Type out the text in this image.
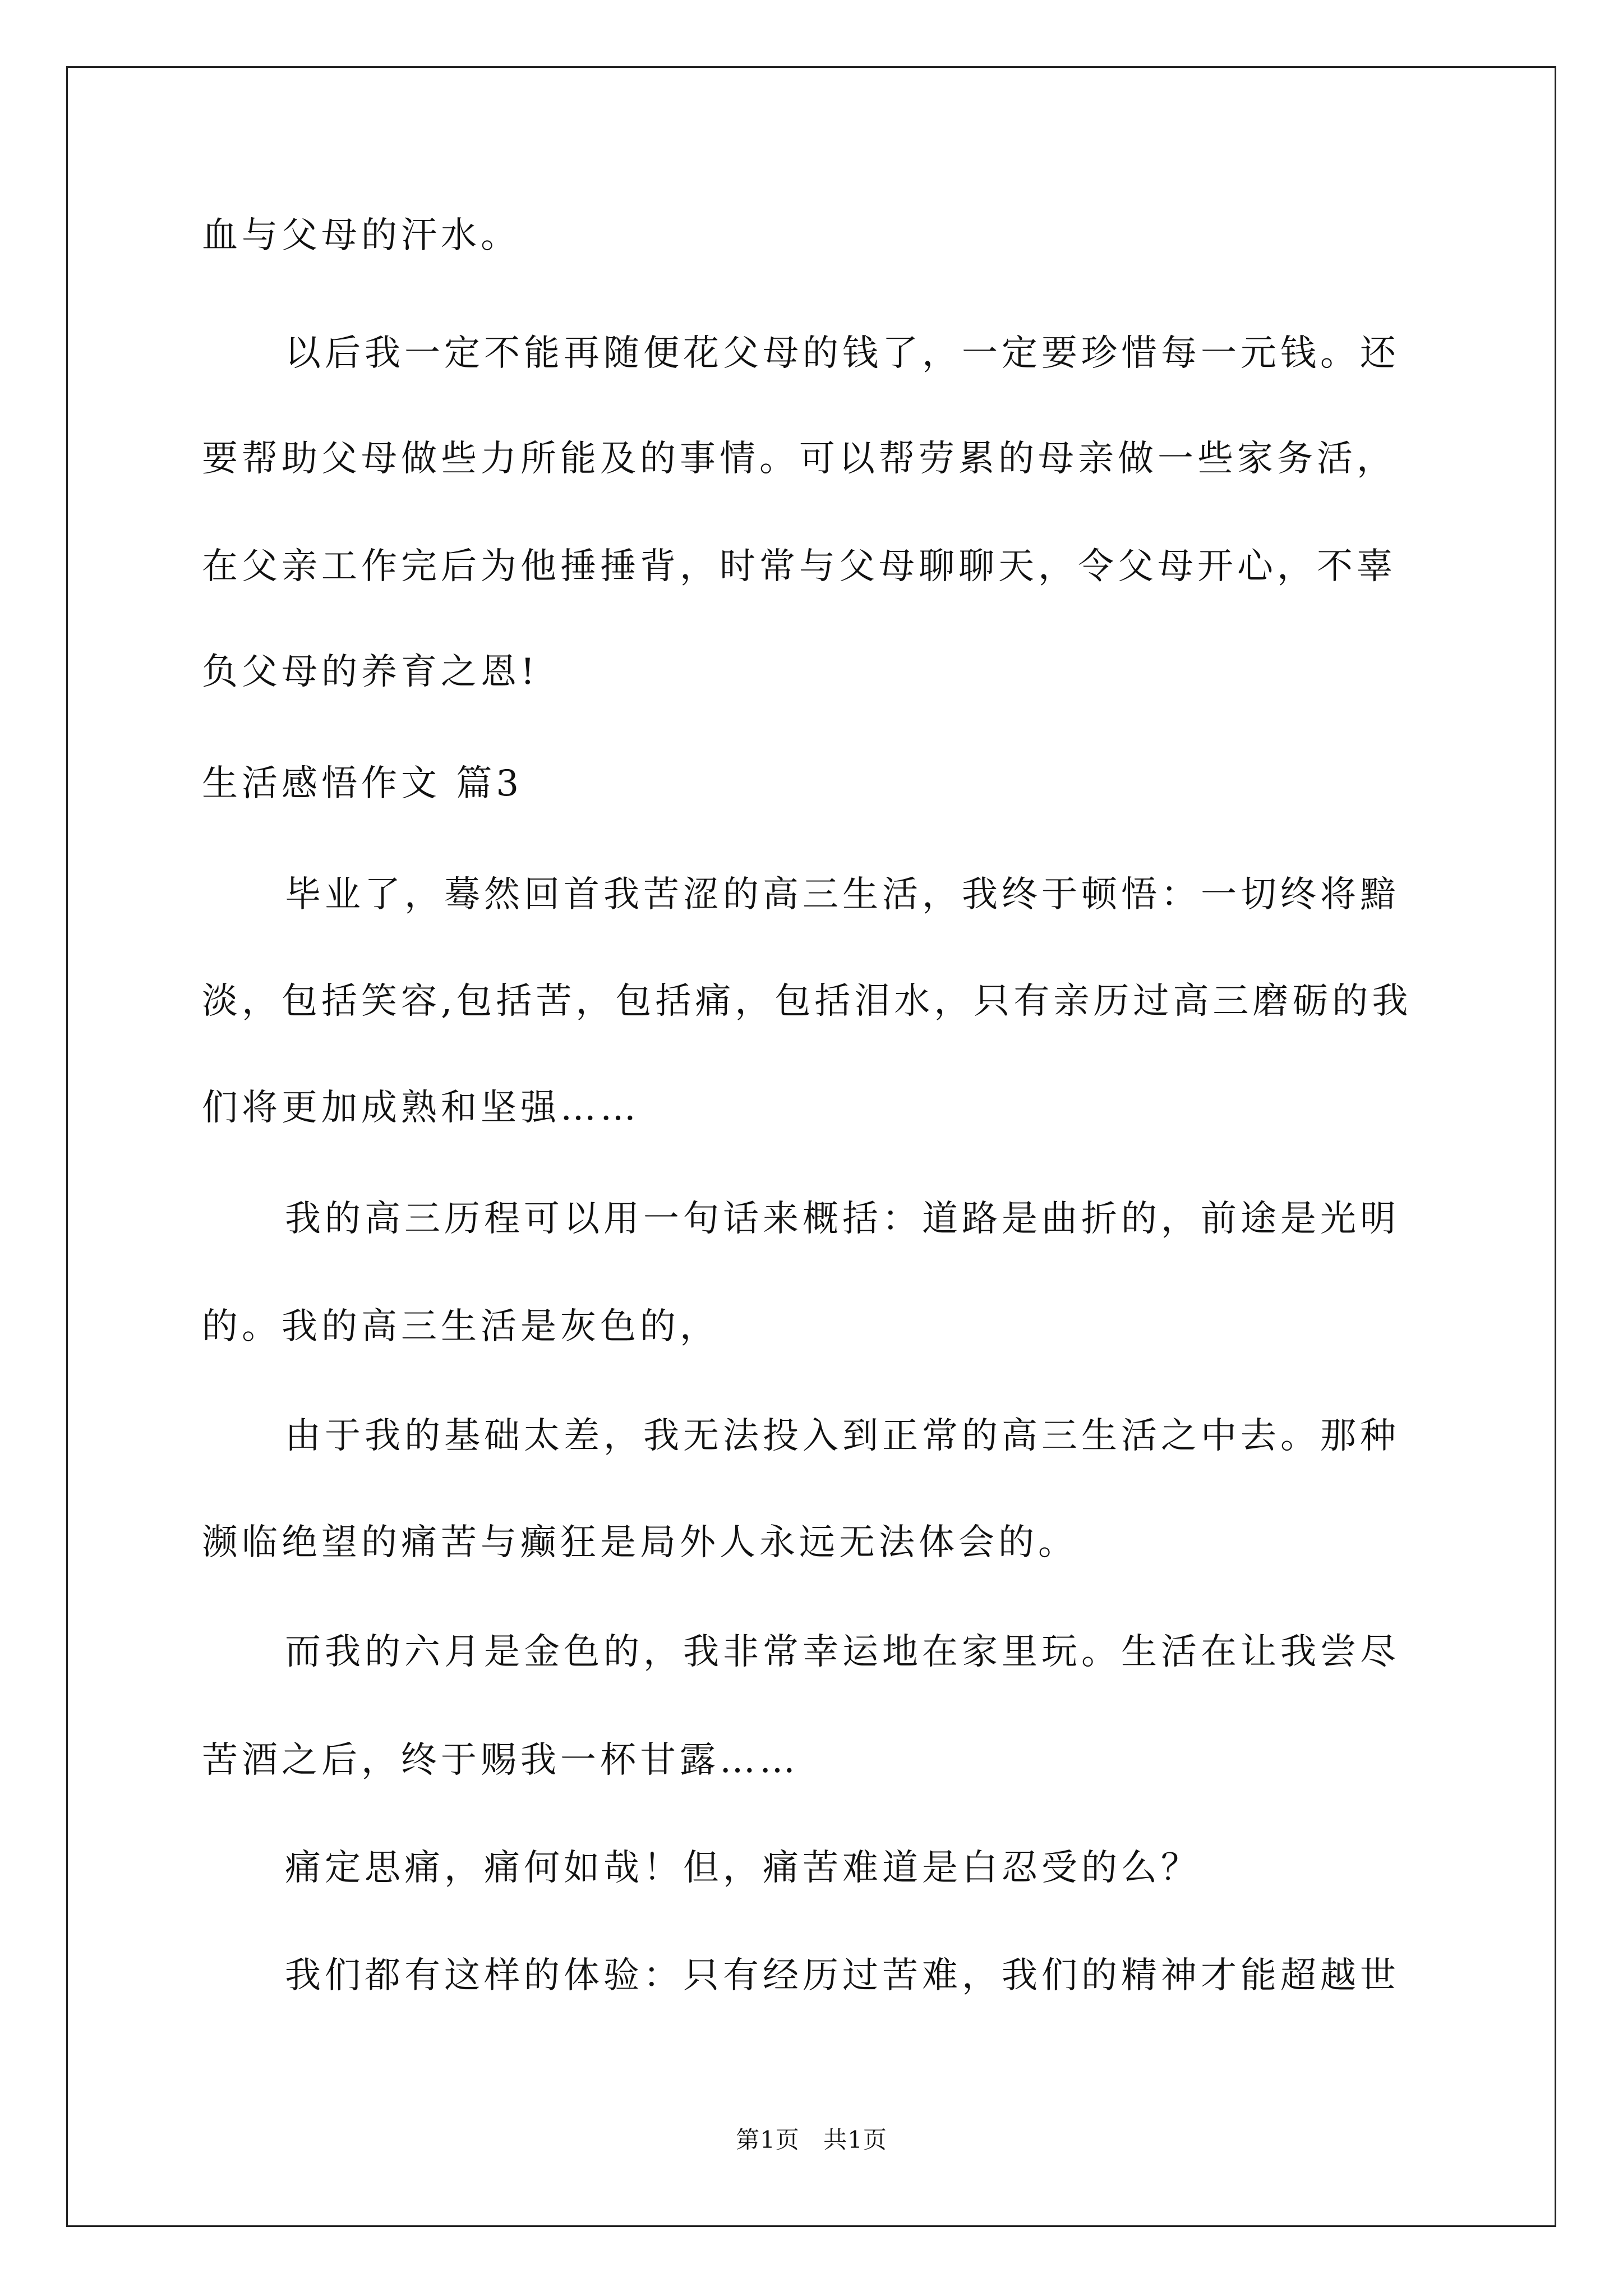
血与父母的汗水。
以后我一定不能再随便花父母的钱了，一定要珍惜每一元钱。还
要帮助父母做些力所能及的事情。可以帮劳累的母亲做一些家务活，
在父亲工作完后为他捶捶背，时常与父母聊聊天，令父母开心，不辜
负父母的养育之恩!
生活感悟作文 篇3
毕业了，蓦然回首我苦涩的高三生活，我终于顿悟：一切终将黯
淡，包括笑容,包括苦，包括痛，包括泪水，只有亲历过高三磨砺的我
们将更加成熟和坚强……
我的高三历程可以用一句话来概括：道路是曲折的，前途是光明
的。我的高三生活是灰色的，
由于我的基础太差，我无法投入到正常的高三生活之中去。那种
濒临绝望的痛苦与癫狂是局外人永远无法体会的。
而我的六月是金色的，我非常幸运地在家里玩。生活在让我尝尽
苦酒之后，终于赐我一杯甘露……
痛定思痛，痛何如哉！但，痛苦难道是白忍受的么？
我们都有这样的体验：只有经历过苦难，我们的精神才能超越世
第1页 共1页
